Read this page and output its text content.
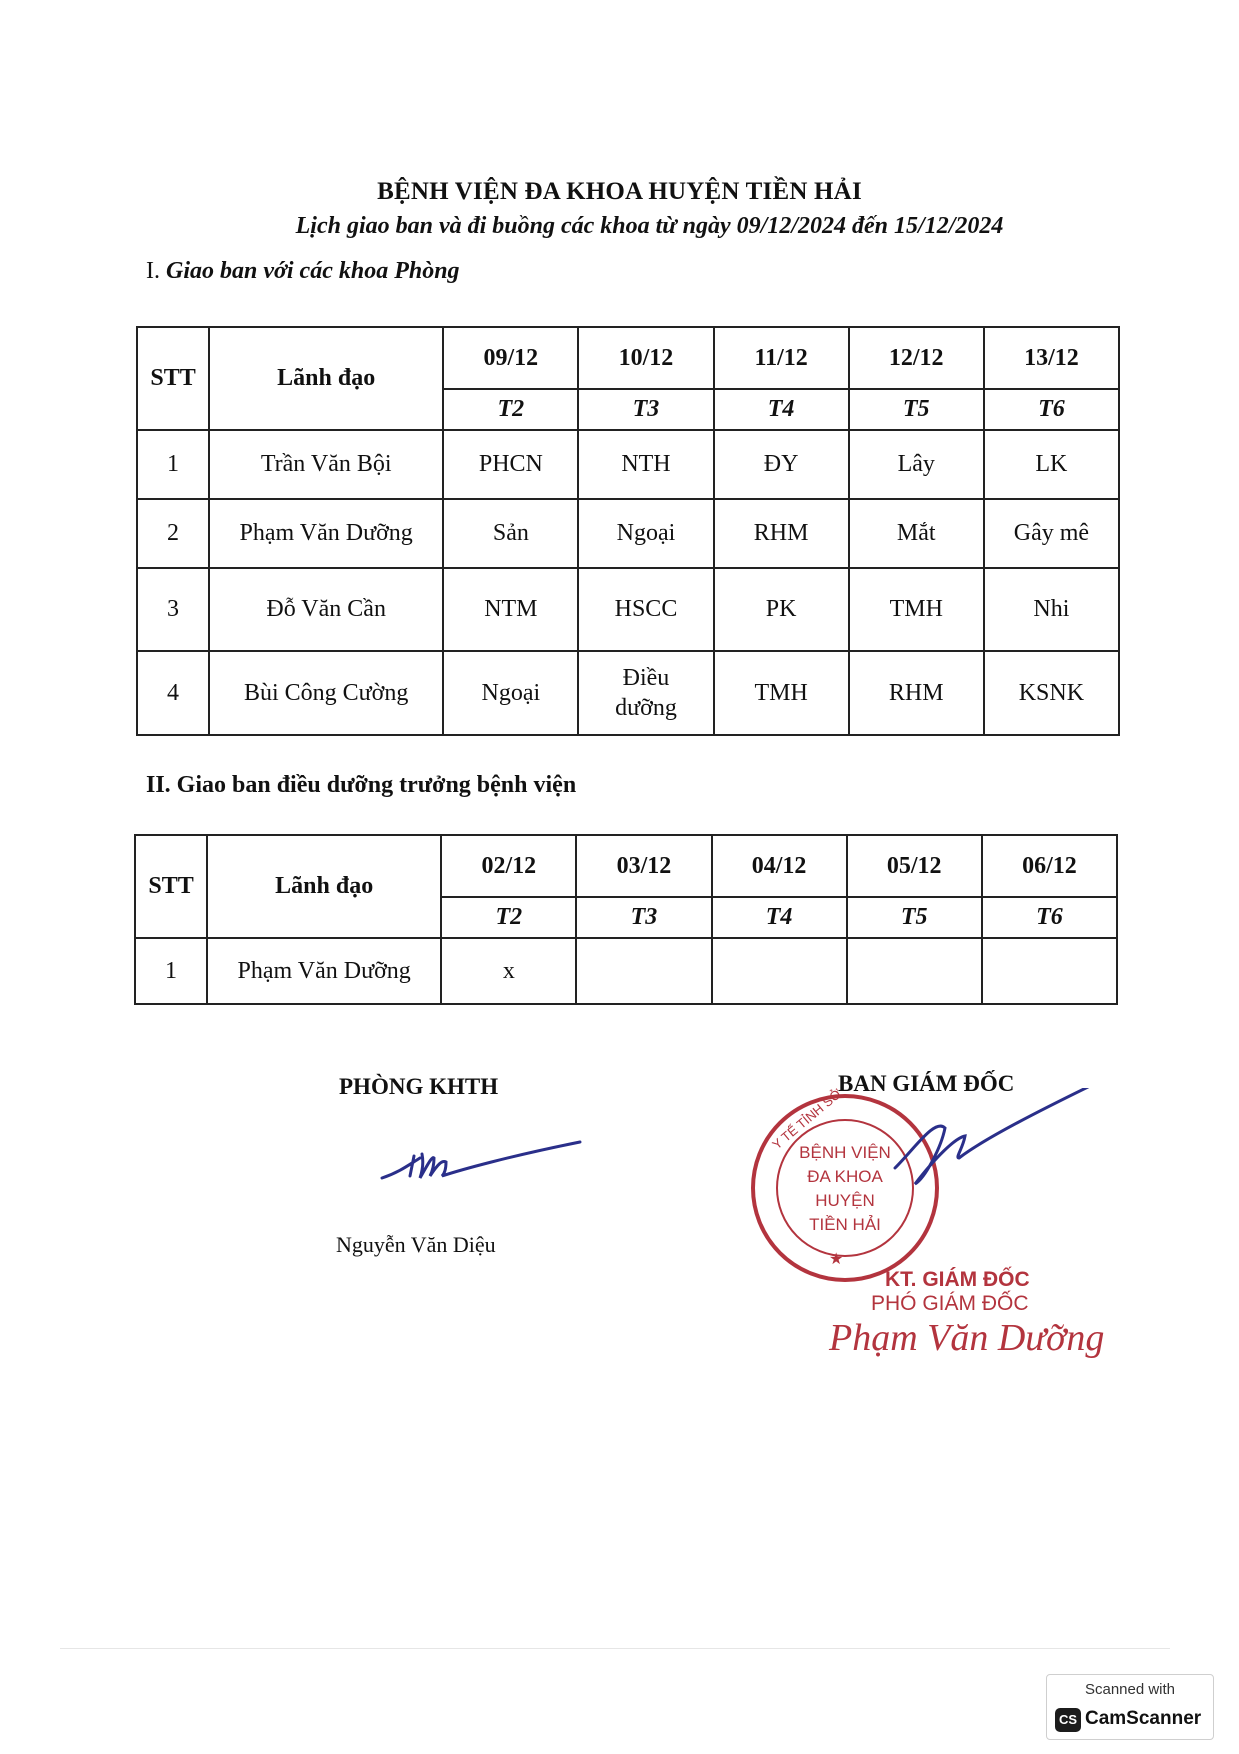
BỆNH VIỆN ĐA KHOA HUYỆN TIỀN HẢI
Lịch giao ban và đi buồng các khoa từ ngày 09/12/2024 đến 15/12/2024
I. Giao ban với các khoa Phòng
STT	Lãnh đạo	09/12	10/12	11/12	12/12	13/12
		T2	T3	T4	T5	T6
1	Trần Văn Bội	PHCN	NTH	ĐY	Lây	LK
2	Phạm Văn Dưỡng	Sản	Ngoại	RHM	Mắt	Gây mê
3	Đỗ Văn Cần	NTM	HSCC	PK	TMH	Nhi
4	Bùi Công Cường	Ngoại	Điều dưỡng	TMH	RHM	KSNK
II. Giao ban điều dưỡng trưởng bệnh viện
STT	Lãnh đạo	02/12	03/12	04/12	05/12	06/12
		T2	T3	T4	T5	T6
1	Phạm Văn Dưỡng	x				
PHÒNG KHTH
Nguyễn Văn Diệu
BAN GIÁM ĐỐC
Y TẾ TỈNH SỞ
BỆNH VIỆN
ĐA KHOA
HUYỆN
TIỀN HẢI
★
KT. GIÁM ĐỐC
PHÓ GIÁM ĐỐC
Phạm Văn Dưỡng
Scanned with
CS CamScanner
